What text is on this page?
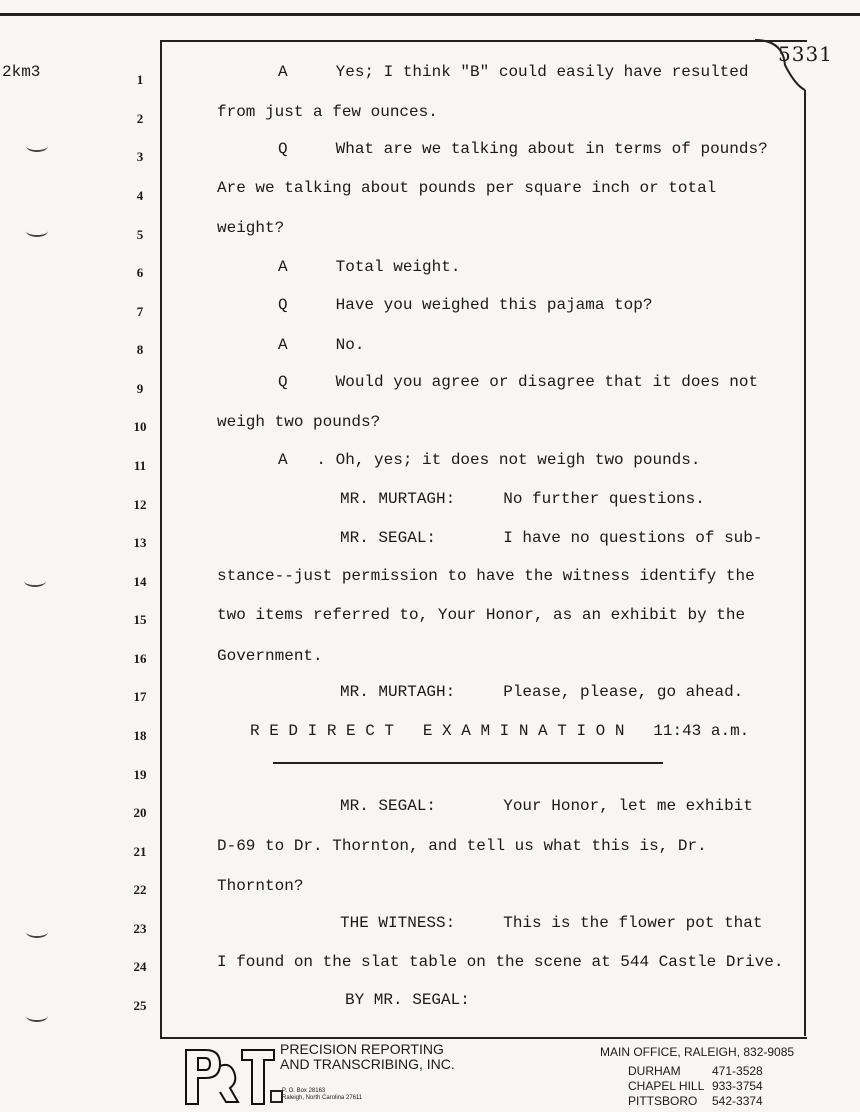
2km3
5331
1
2
3
4
5
6
7
8
9
10
11
12
13
14
15
16
17
18
19
20
21
22
23
24
25
A     Yes; I think "B" could easily have resulted
from just a few ounces.
Q     What are we talking about in terms of pounds?
Are we talking about pounds per square inch or total
weight?
A     Total weight.
Q     Have you weighed this pajama top?
A     No.
Q     Would you agree or disagree that it does not
weigh two pounds?
A   . Oh, yes; it does not weigh two pounds.
MR. MURTAGH:     No further questions.
MR. SEGAL:       I have no questions of sub-
stance--just permission to have the witness identify the
two items referred to, Your Honor, as an exhibit by the
Government.
MR. MURTAGH:     Please, please, go ahead.
R E D I R E C T   E X A M I N A T I O N   11:43 a.m.
MR. SEGAL:       Your Honor, let me exhibit
D-69 to Dr. Thornton, and tell us what this is, Dr.
Thornton?
THE WITNESS:     This is the flower pot that
I found on the slat table on the scene at 544 Castle Drive.
BY MR. SEGAL:
PRECISION REPORTING
AND TRANSCRIBING, INC.
P. O. Box 28163
Raleigh, North Carolina 27611
MAIN OFFICE, RALEIGH, 832-9085
DURHAM	471-3528
CHAPEL HILL 933-3754
PITTSBORO 542-3374
